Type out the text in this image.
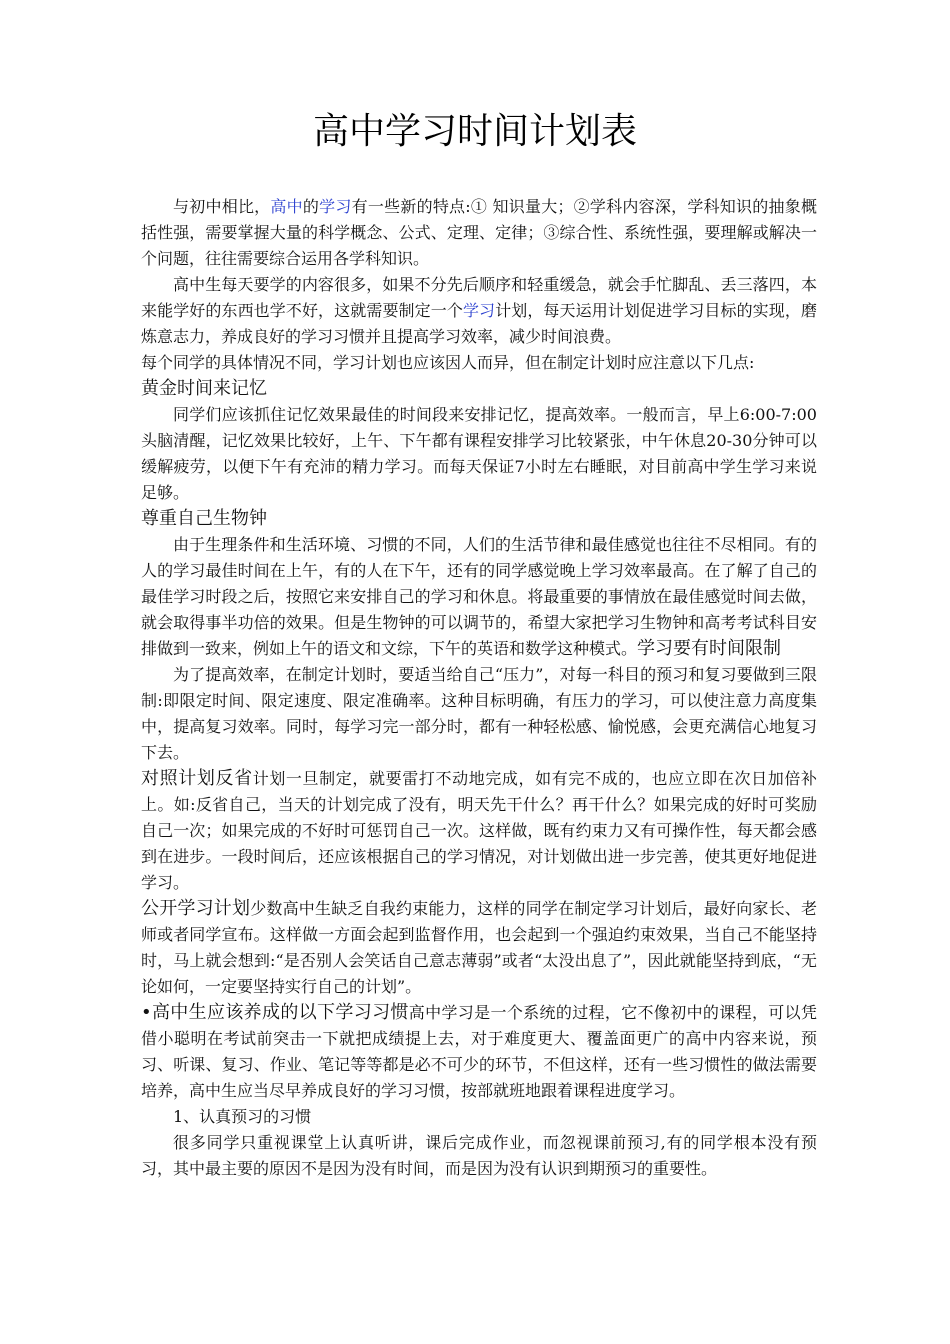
高中学习时间计划表

与初中相比，高中的学习有一些新的特点:① 知识量大；②学科内容深，学科知识的抽象概括性强，需要掌握大量的科学概念、公式、定理、定律；③综合性、系统性强，要理解或解决一个问题，往往需要综合运用各学科知识。

高中生每天要学的内容很多，如果不分先后顺序和轻重缓急，就会手忙脚乱、丢三落四，本来能学好的东西也学不好，这就需要制定一个学习计划，每天运用计划促进学习目标的实现，磨炼意志力，养成良好的学习习惯并且提高学习效率，减少时间浪费。

每个同学的具体情况不同，学习计划也应该因人而异，但在制定计划时应注意以下几点:

黄金时间来记忆

同学们应该抓住记忆效果最佳的时间段来安排记忆，提高效率。一般而言，早上6:00-7:00头脑清醒，记忆效果比较好，上午、下午都有课程安排学习比较紧张，中午休息20-30分钟可以缓解疲劳，以便下午有充沛的精力学习。而每天保证7小时左右睡眠，对目前高中学生学习来说足够。

尊重自己生物钟

由于生理条件和生活环境、习惯的不同，人们的生活节律和最佳感觉也往往不尽相同。有的人的学习最佳时间在上午，有的人在下午，还有的同学感觉晚上学习效率最高。在了解了自己的最佳学习时段之后，按照它来安排自己的学习和休息。将最重要的事情放在最佳感觉时间去做，就会取得事半功倍的效果。但是生物钟的可以调节的，希望大家把学习生物钟和高考考试科目安排做到一致来，例如上午的语文和文综，下午的英语和数学这种模式。学习要有时间限制

为了提高效率，在制定计划时，要适当给自己“压力”，对每一科目的预习和复习要做到三限制:即限定时间、限定速度、限定准确率。这种目标明确，有压力的学习，可以使注意力高度集中，提高复习效率。同时，每学习完一部分时，都有一种轻松感、愉悦感，会更充满信心地复习下去。

对照计划反省计划一旦制定，就要雷打不动地完成，如有完不成的，也应立即在次日加倍补上。如:反省自己，当天的计划完成了没有，明天先干什么？再干什么？如果完成的好时可奖励自己一次；如果完成的不好时可惩罚自己一次。这样做，既有约束力又有可操作性，每天都会感到在进步。一段时间后，还应该根据自己的学习情况，对计划做出进一步完善，使其更好地促进学习。

公开学习计划少数高中生缺乏自我约束能力，这样的同学在制定学习计划后，最好向家长、老师或者同学宣布。这样做一方面会起到监督作用，也会起到一个强迫约束效果，当自己不能坚持时，马上就会想到:“是否别人会笑话自己意志薄弱”或者“太没出息了”，因此就能坚持到底，“无论如何，一定要坚持实行自己的计划”。

•高中生应该养成的以下学习习惯高中学习是一个系统的过程，它不像初中的课程，可以凭借小聪明在考试前突击一下就把成绩提上去，对于难度更大、覆盖面更广的高中内容来说，预习、听课、复习、作业、笔记等等都是必不可少的环节，不但这样，还有一些习惯性的做法需要培养，高中生应当尽早养成良好的学习习惯，按部就班地跟着课程进度学习。

1、认真预习的习惯

很多同学只重视课堂上认真听讲，课后完成作业，而忽视课前预习,有的同学根本没有预习，其中最主要的原因不是因为没有时间，而是因为没有认识到期预习的重要性。
